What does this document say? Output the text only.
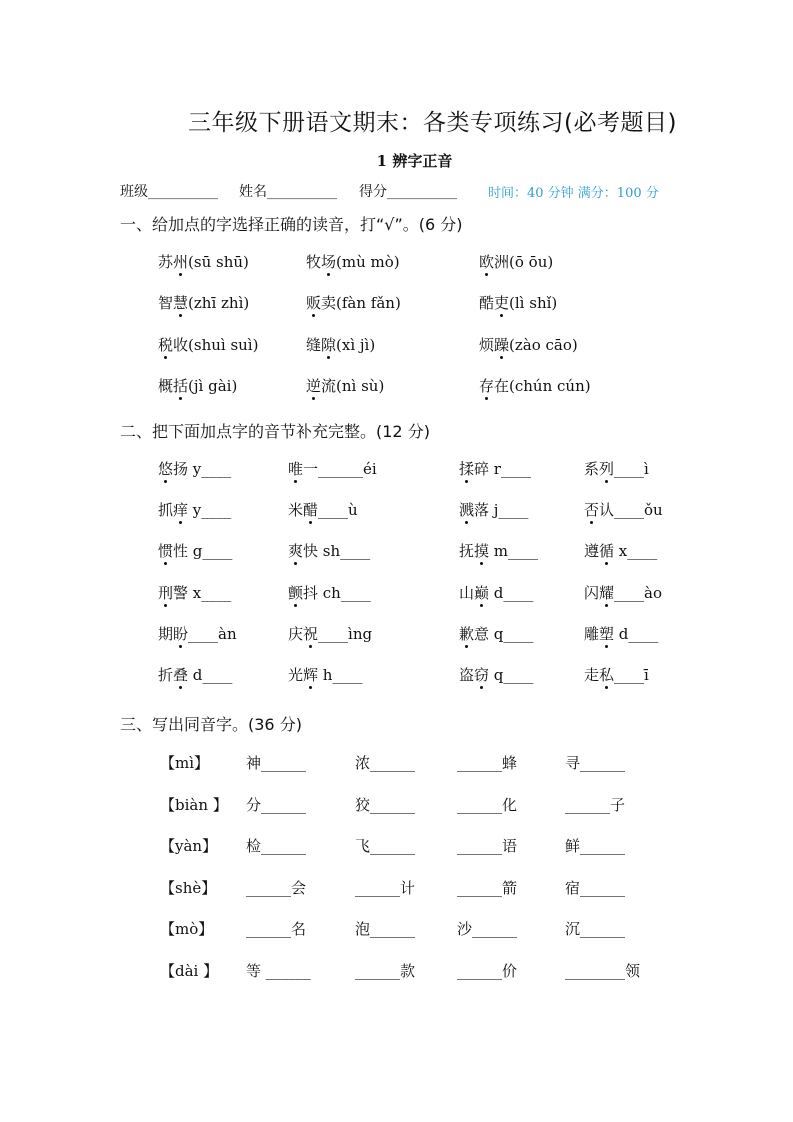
三年级下册语文期末：各类专项练习(必考题目)
1 辨字正音
班级__________ 姓名__________ 得分__________ 时间：40 分钟 满分：100 分
一、给加点的字选择正确的读音，打“√”。(6 分)
二、把下面加点字的音节补充完整。(12 分)
三、写出同音字。(36 分)
苏州(sū shū)	牧场(mù mò)	欧洲(ō ōu)
智慧(zhī zhì)	贩卖(fàn fǎn)	酷吏(lì shǐ)
税收(shuì suì)	缝隙(xì jì)	烦躁(zào cāo)
概括(jì gài)	逆流(nì sù)	存在(chún cún)
悠扬 y____	唯一______éi	揉碎 r____	系列____ì
抓痒 y____	米醋____ù	溅落 j____	否认____ǒu
惯性 g____	爽快 sh____	抚摸 m____	遵循 x____
刑警 x____	颤抖 ch____	山巅 d____	闪耀____ào
期盼____àn	庆祝____ìng	歉意 q____	雕塑 d____
折叠 d____	光辉 h____	盗窃 q____	走私____ī
【mì】 神______	浓______	______蜂	寻______
【biàn 】 分______	狡______	______化	______子
【yàn】 检______	飞______	______语	鲜______
【shè】 ______会	______计	______箭	宿______
【mò】 ______名	泡______	沙______	沉______
【dài 】 等 ______	______款	______价	________领
